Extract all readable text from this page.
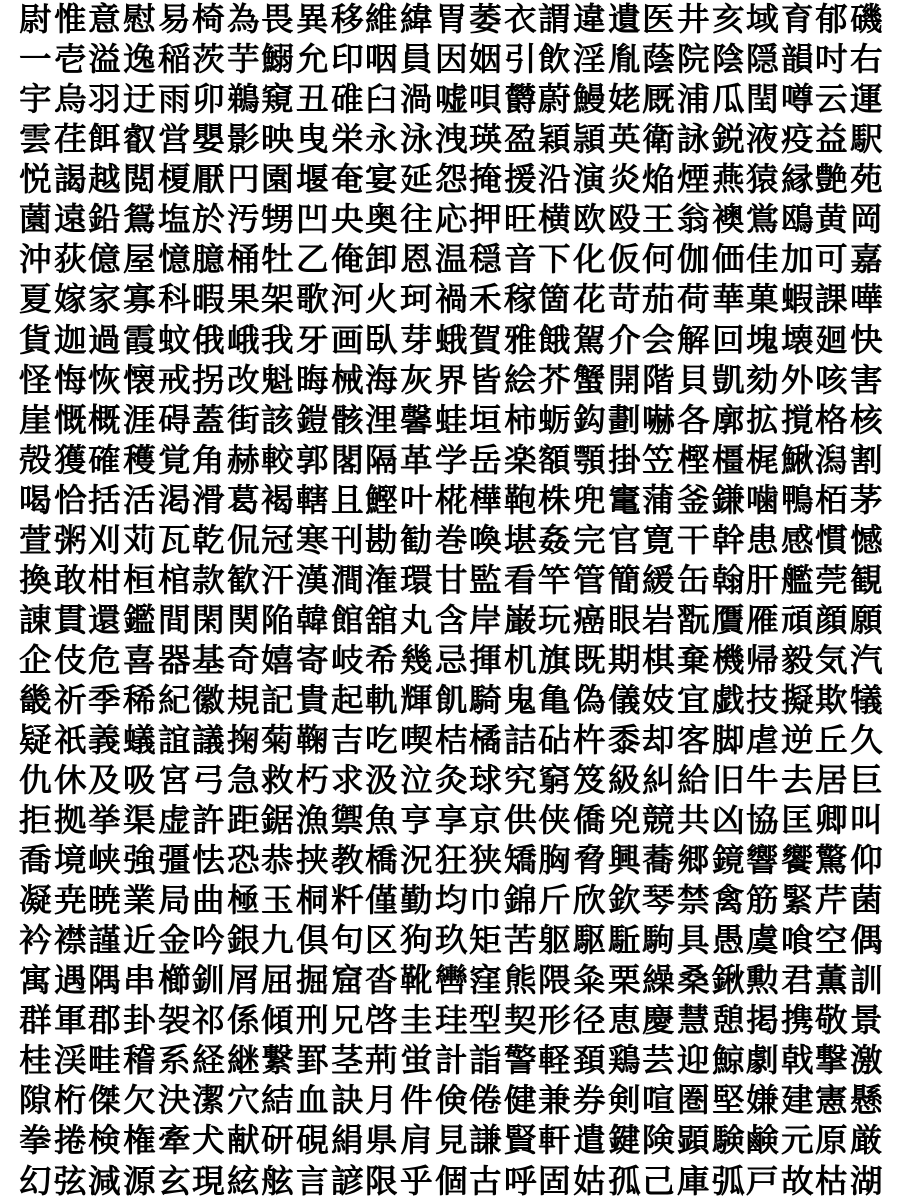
尉 惟 意 慰 易 椅 為 畏 異 移 維 緯 胃 萎 衣 謂 違 遺 医 井 亥 域 育 郁 磯
一 壱 溢 逸 稲 茨 芋 鰯 允 印 咽 員 因 姻 引 飲 淫 胤 蔭 院 陰 隠 韻 吋 右
宇 烏 羽 迂 雨 卯 鵜 窺 丑 碓 臼 渦 嘘 唄 欝 蔚 鰻 姥 厩 浦 瓜 閏 噂 云 運
雲 荏 餌 叡 営 嬰 影 映 曳 栄 永 泳 洩 瑛 盈 穎 頴 英 衛 詠 鋭 液 疫 益 駅
悦 謁 越 閲 榎 厭 円 園 堰 奄 宴 延 怨 掩 援 沿 演 炎 焔 煙 燕 猿 縁 艶 苑
薗 遠 鉛 鴛 塩 於 汚 甥 凹 央 奥 往 応 押 旺 横 欧 殴 王 翁 襖 鴬 鴎 黄 岡
沖 荻 億 屋 憶 臆 桶 牡 乙 俺 卸 恩 温 穏 音 下 化 仮 何 伽 価 佳 加 可 嘉
夏 嫁 家 寡 科 暇 果 架 歌 河 火 珂 禍 禾 稼 箇 花 苛 茄 荷 華 菓 蝦 課 嘩
貨 迦 過 霞 蚊 俄 峨 我 牙 画 臥 芽 蛾 賀 雅 餓 駕 介 会 解 回 塊 壊 廻 快
怪 悔 恢 懐 戒 拐 改 魁 晦 械 海 灰 界 皆 絵 芥 蟹 開 階 貝 凱 劾 外 咳 害
崖 慨 概 涯 碍 蓋 街 該 鎧 骸 浬 馨 蛙 垣 柿 蛎 鈎 劃 嚇 各 廓 拡 撹 格 核
殻 獲 確 穫 覚 角 赫 較 郭 閣 隔 革 学 岳 楽 額 顎 掛 笠 樫 橿 梶 鰍 潟 割
喝 恰 括 活 渇 滑 葛 褐 轄 且 鰹 叶 椛 樺 鞄 株 兜 竃 蒲 釜 鎌 噛 鴨 栢 茅
萱 粥 刈 苅 瓦 乾 侃 冠 寒 刊 勘 勧 巻 喚 堪 姦 完 官 寛 干 幹 患 感 慣 憾
換 敢 柑 桓 棺 款 歓 汗 漢 澗 潅 環 甘 監 看 竿 管 簡 緩 缶 翰 肝 艦 莞 観
諌 貫 還 鑑 間 閑 関 陥 韓 館 舘 丸 含 岸 巌 玩 癌 眼 岩 翫 贋 雁 頑 顔 願
企 伎 危 喜 器 基 奇 嬉 寄 岐 希 幾 忌 揮 机 旗 既 期 棋 棄 機 帰 毅 気 汽
畿 祈 季 稀 紀 徽 規 記 貴 起 軌 輝 飢 騎 鬼 亀 偽 儀 妓 宜 戯 技 擬 欺 犠
疑 祇 義 蟻 誼 議 掬 菊 鞠 吉 吃 喫 桔 橘 詰 砧 杵 黍 却 客 脚 虐 逆 丘 久
仇 休 及 吸 宮 弓 急 救 朽 求 汲 泣 灸 球 究 窮 笈 級 糾 給 旧 牛 去 居 巨
拒 拠 挙 渠 虚 許 距 鋸 漁 禦 魚 亨 享 京 供 侠 僑 兇 競 共 凶 協 匡 卿 叫
喬 境 峡 強 彊 怯 恐 恭 挟 教 橋 況 狂 狭 矯 胸 脅 興 蕎 郷 鏡 響 饗 驚 仰
凝 尭 暁 業 局 曲 極 玉 桐 粁 僅 勤 均 巾 錦 斤 欣 欽 琴 禁 禽 筋 緊 芹 菌
衿 襟 謹 近 金 吟 銀 九 倶 句 区 狗 玖 矩 苦 躯 駆 駈 駒 具 愚 虞 喰 空 偶
寓 遇 隅 串 櫛 釧 屑 屈 掘 窟 沓 靴 轡 窪 熊 隈 粂 栗 繰 桑 鍬 勲 君 薫 訓
群 軍 郡 卦 袈 祁 係 傾 刑 兄 啓 圭 珪 型 契 形 径 恵 慶 慧 憩 掲 携 敬 景
桂 渓 畦 稽 系 経 継 繋 罫 茎 荊 蛍 計 詣 警 軽 頚 鶏 芸 迎 鯨 劇 戟 撃 激
隙 桁 傑 欠 決 潔 穴 結 血 訣 月 件 倹 倦 健 兼 券 剣 喧 圏 堅 嫌 建 憲 懸
拳 捲 検 権 牽 犬 献 研 硯 絹 県 肩 見 謙 賢 軒 遣 鍵 険 顕 験 鹸 元 原 厳
幻 弦 減 源 玄 現 絃 舷 言 諺 限 乎 個 古 呼 固 姑 孤 己 庫 弧 戸 故 枯 湖
